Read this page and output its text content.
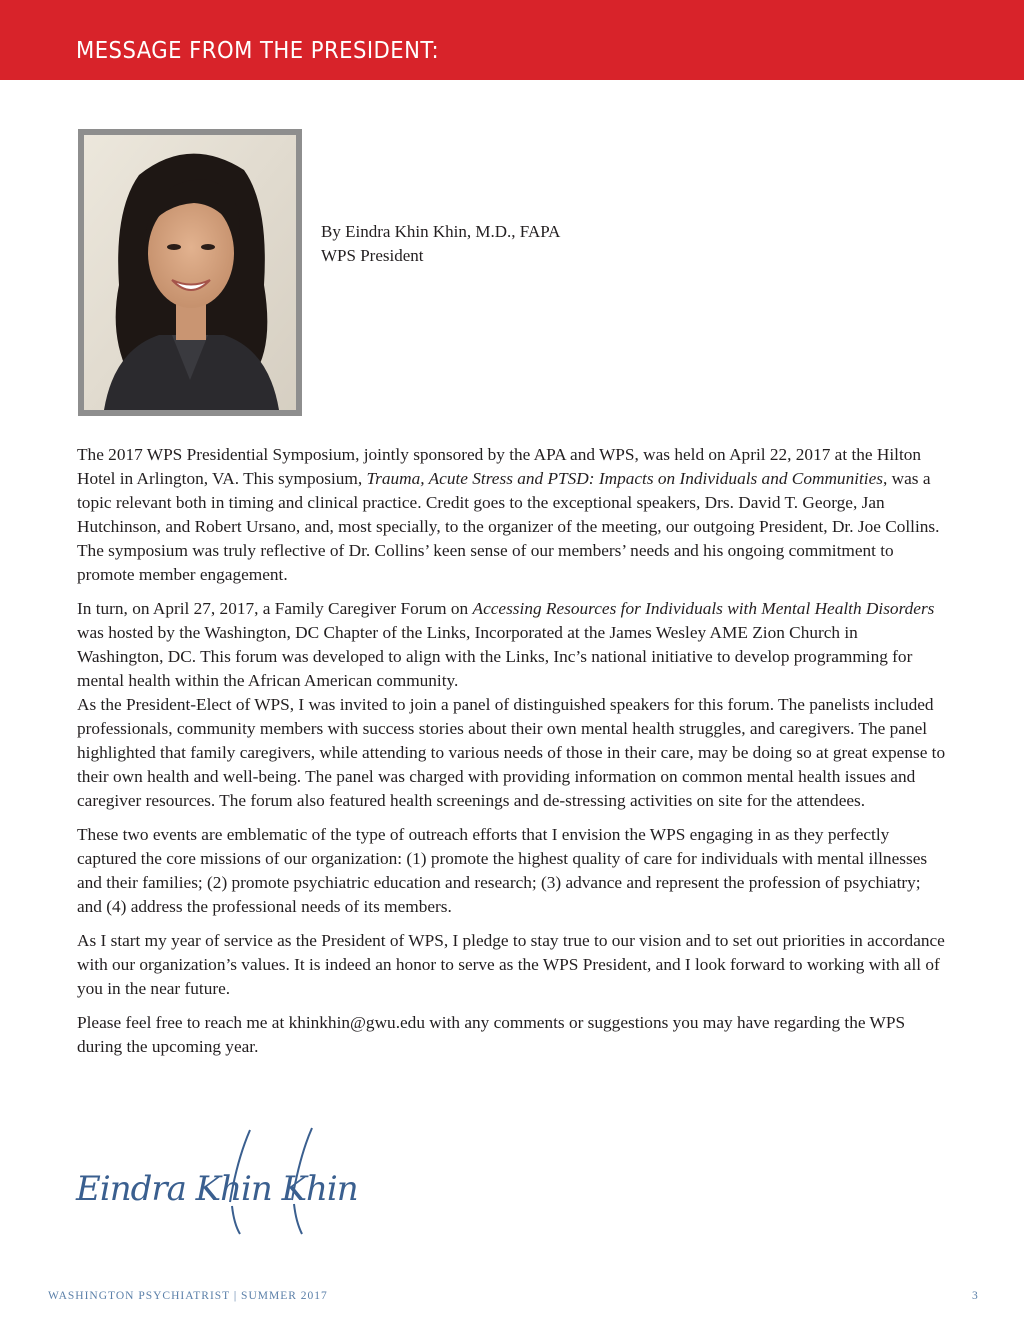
MESSAGE FROM THE PRESIDENT:
By Eindra Khin Khin, M.D., FAPA
WPS President

The 2017 WPS Presidential Symposium, jointly sponsored by the APA and WPS, was held on April 22, 2017 at the Hilton Hotel in Arlington, VA. This symposium, Trauma, Acute Stress and PTSD: Impacts on Individuals and Communities, was a topic relevant both in timing and clinical practice. Credit goes to the exceptional speakers, Drs. David T. George, Jan Hutchinson, and Robert Ursano, and, most specially, to the organizer of the meeting, our outgoing President, Dr. Joe Collins. The symposium was truly reflective of Dr. Collins’ keen sense of our members’ needs and his ongoing commitment to promote member engagement.

In turn, on April 27, 2017, a Family Caregiver Forum on Accessing Resources for Individuals with Mental Health Disorders was hosted by the Washington, DC Chapter of the Links, Incorporated at the James Wesley AME Zion Church in Washington, DC. This forum was developed to align with the Links, Inc’s national initiative to develop programming for mental health within the African American community.

As the President-Elect of WPS, I was invited to join a panel of distinguished speakers for this forum. The panelists included professionals, community members with success stories about their own mental health struggles, and caregivers. The panel highlighted that family caregivers, while attending to various needs of those in their care, may be doing so at great expense to their own health and well-being. The panel was charged with providing information on common mental health issues and caregiver resources. The forum also featured health screenings and de-stressing activities on site for the attendees.

These two events are emblematic of the type of outreach efforts that I envision the WPS engaging in as they perfectly captured the core missions of our organization: (1) promote the highest quality of care for individuals with mental illnesses and their families; (2) promote psychiatric education and research; (3) advance and represent the profession of psychiatry; and (4) address the professional needs of its members.

As I start my year of service as the President of WPS, I pledge to stay true to our vision and to set out priorities in accordance with our organization’s values. It is indeed an honor to serve as the WPS President, and I look forward to working with all of you in the near future.

Please feel free to reach me at khinkhin@gwu.edu with any comments or suggestions you may have regarding the WPS during the upcoming year.

Eindra Khin Khin
WASHINGTON PSYCHIATRIST | SUMMER 2017	3
